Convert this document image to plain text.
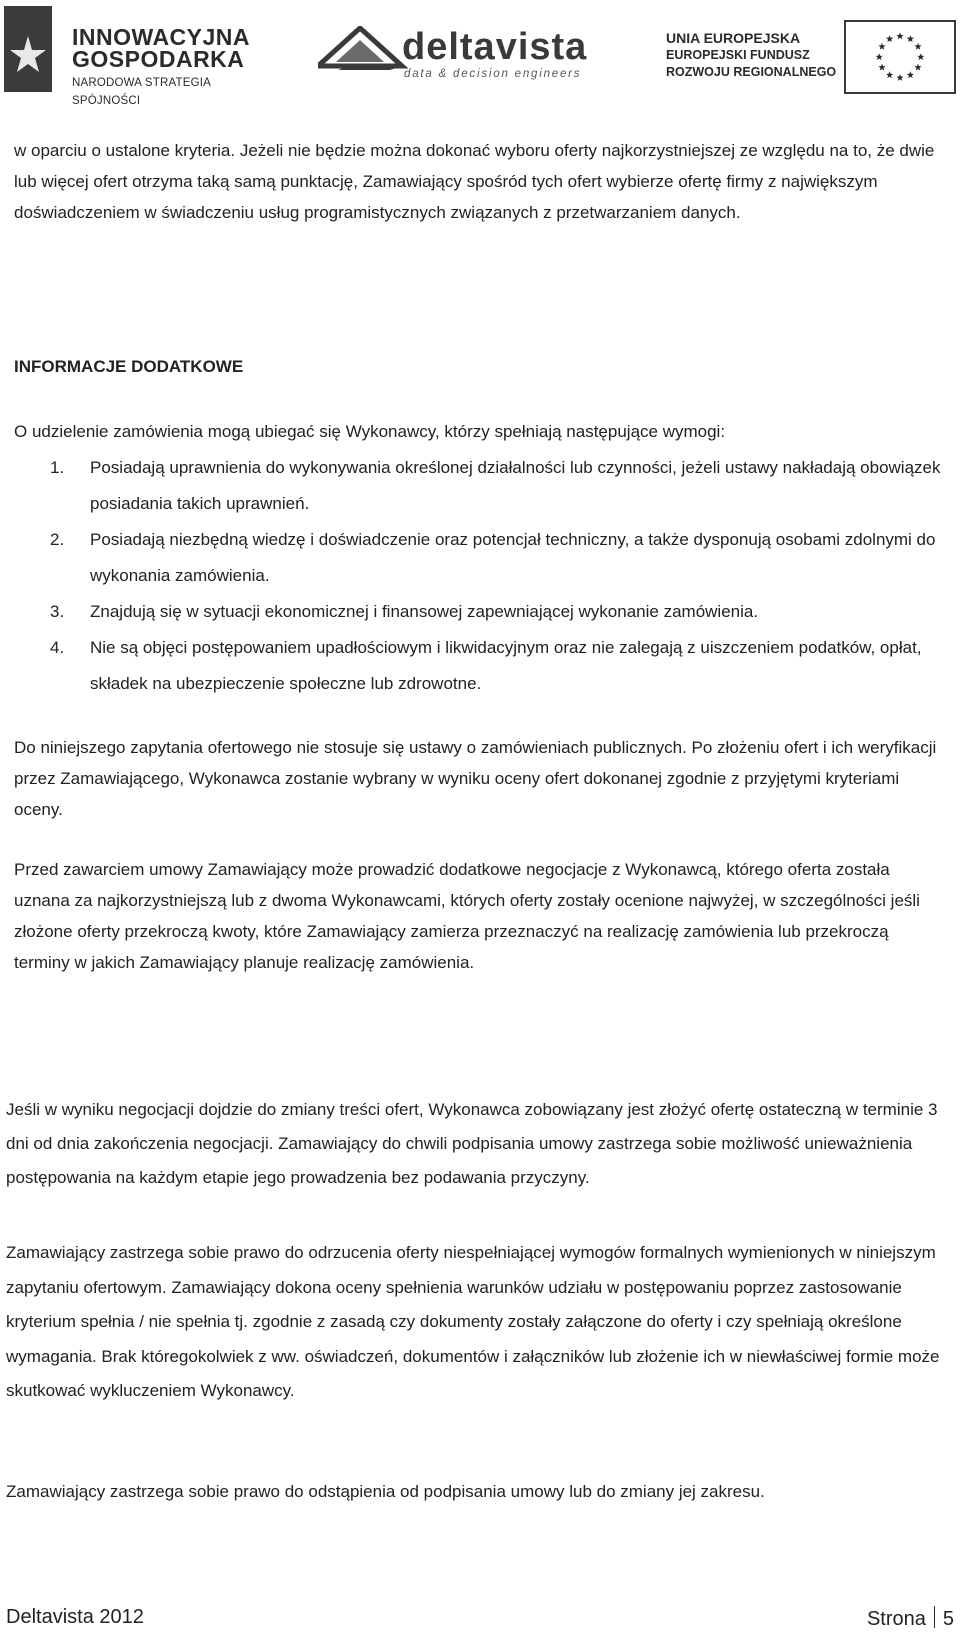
INNOWACYJNA
GOSPODARKA
NARODOWA STRATEGIA SPÓJNOŚCI
deltavista
data & decision engineers
UNIA EUROPEJSKA
EUROPEJSKI FUNDUSZ
ROZWOJU REGIONALNEGO

w oparciu o ustalone kryteria. Jeżeli nie będzie można dokonać wyboru oferty najkorzystniejszej ze względu na to, że dwie lub więcej ofert otrzyma taką samą punktację, Zamawiający spośród tych ofert wybierze ofertę firmy z największym doświadczeniem w świadczeniu usług programistycznych związanych z przetwarzaniem danych.

INFORMACJE DODATKOWE

O udzielenie zamówienia mogą ubiegać się Wykonawcy, którzy spełniają następujące wymogi:

1. Posiadają uprawnienia do wykonywania określonej działalności lub czynności, jeżeli ustawy nakładają obowiązek posiadania takich uprawnień.
2. Posiadają niezbędną wiedzę i doświadczenie oraz potencjał techniczny, a także dysponują osobami zdolnymi do wykonania zamówienia.
3. Znajdują się w sytuacji ekonomicznej i finansowej zapewniającej wykonanie zamówienia.
4. Nie są objęci postępowaniem upadłościowym i likwidacyjnym oraz nie zalegają z uiszczeniem podatków, opłat, składek na ubezpieczenie społeczne lub zdrowotne.

Do niniejszego zapytania ofertowego nie stosuje się ustawy o zamówieniach publicznych. Po złożeniu ofert i ich weryfikacji przez Zamawiającego, Wykonawca zostanie wybrany w wyniku oceny ofert dokonanej zgodnie z przyjętymi kryteriami oceny.

Przed zawarciem umowy Zamawiający może prowadzić dodatkowe negocjacje z Wykonawcą, którego oferta została uznana za najkorzystniejszą lub z dwoma Wykonawcami, których oferty zostały ocenione najwyżej, w szczególności jeśli złożone oferty przekroczą kwoty, które Zamawiający zamierza przeznaczyć na realizację zamówienia lub przekroczą terminy w jakich Zamawiający planuje realizację zamówienia.

Jeśli w wyniku negocjacji dojdzie do zmiany treści ofert, Wykonawca zobowiązany jest złożyć ofertę ostateczną w terminie 3 dni od dnia zakończenia negocjacji. Zamawiający do chwili podpisania umowy zastrzega sobie możliwość unieważnienia postępowania na każdym etapie jego prowadzenia bez podawania przyczyny.

Zamawiający zastrzega sobie prawo do odrzucenia oferty niespełniającej wymogów formalnych wymienionych w niniejszym zapytaniu ofertowym. Zamawiający dokona oceny spełnienia warunków udziału w postępowaniu poprzez zastosowanie kryterium spełnia / nie spełnia tj. zgodnie z zasadą czy dokumenty zostały załączone do oferty i czy spełniają określone wymagania. Brak któregokolwiek z ww. oświadczeń, dokumentów i załączników lub złożenie ich w niewłaściwej formie może skutkować wykluczeniem Wykonawcy.

Zamawiający zastrzega sobie prawo do odstąpienia od podpisania umowy lub do zmiany jej zakresu.

Deltavista 2012	Strona 5
